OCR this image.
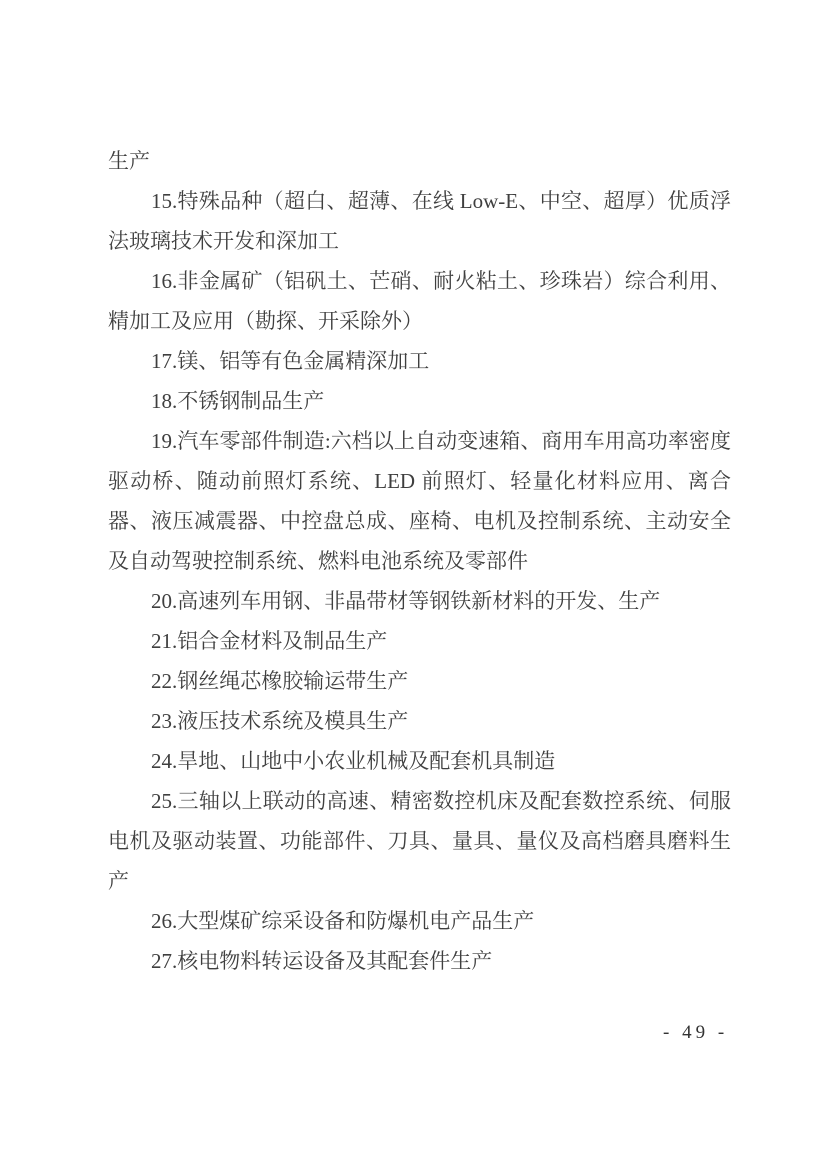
生产

15.特殊品种（超白、超薄、在线 Low-E、中空、超厚）优质浮法玻璃技术开发和深加工

16.非金属矿（铝矾土、芒硝、耐火粘土、珍珠岩）综合利用、精加工及应用（勘探、开采除外）

17.镁、铝等有色金属精深加工

18.不锈钢制品生产

19.汽车零部件制造:六档以上自动变速箱、商用车用高功率密度驱动桥、随动前照灯系统、LED 前照灯、轻量化材料应用、离合器、液压减震器、中控盘总成、座椅、电机及控制系统、主动安全及自动驾驶控制系统、燃料电池系统及零部件

20.高速列车用钢、非晶带材等钢铁新材料的开发、生产

21.铝合金材料及制品生产

22.钢丝绳芯橡胶输运带生产

23.液压技术系统及模具生产

24.旱地、山地中小农业机械及配套机具制造

25.三轴以上联动的高速、精密数控机床及配套数控系统、伺服电机及驱动装置、功能部件、刀具、量具、量仪及高档磨具磨料生产

26.大型煤矿综采设备和防爆机电产品生产

27.核电物料转运设备及其配套件生产

- 49 -
